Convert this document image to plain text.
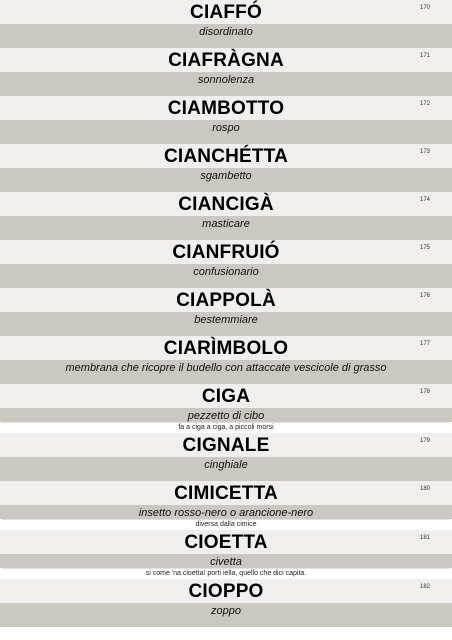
CIAFFÓ	170
disordinato
CIAFRÀGNA	171
sonnolenza
CIAMBOTTO	172
rospo
CIANCHÉTTA	173
sgambetto
CIANCIGÀ	174
masticare
CIANFRUIÓ	175
confusionario
CIAPPOLÀ	176
bestemmiare
CIARÌMBOLO	177
membrana che ricopre il budello con attaccate vescicole di grasso
CIGA	178
pezzetto di cibo
fa a ciga a ciga, a piccoli morsi
CIGNALE	179
cinghiale
CIMICETTA	180
insetto rosso-nero o arancione-nero
diversa dalla cimice
CIOETTA	181
civetta
si come 'na cioetta! porti iella, quello che dici capita.
CIOPPO	182
zoppo
